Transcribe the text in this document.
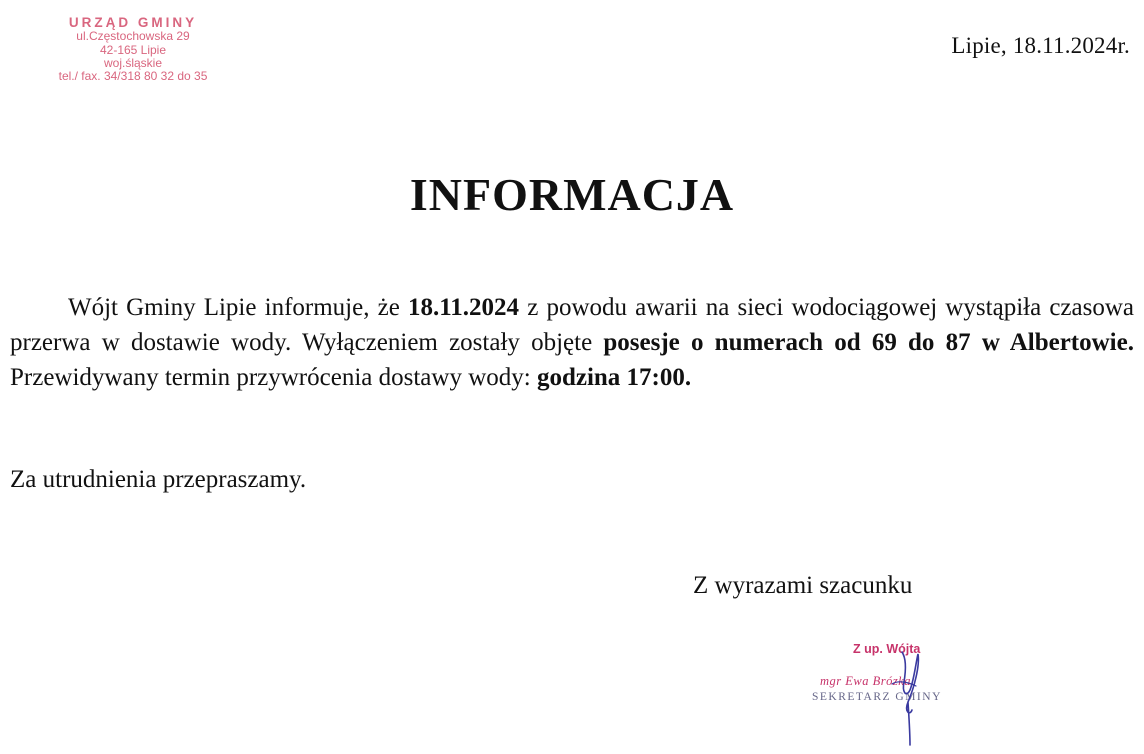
URZĄD GMINY
ul.Częstochowska 29
42-165 Lipie
woj.śląskie
tel./ fax. 34/318 80 32 do 35
Lipie, 18.11.2024r.
INFORMACJA

Wójt Gminy Lipie informuje, że 18.11.2024 z powodu awarii na sieci wodociągowej wystąpiła czasowa przerwa w dostawie wody. Wyłączeniem zostały objęte posesje o numerach od 69 do 87 w Albertowie. Przewidywany termin przywrócenia dostawy wody: godzina 17:00.

Za utrudnienia przepraszamy.

Z wyrazami szacunku
Z up. Wójta
mgr Ewa Brózka
SEKRETARZ GMINY
